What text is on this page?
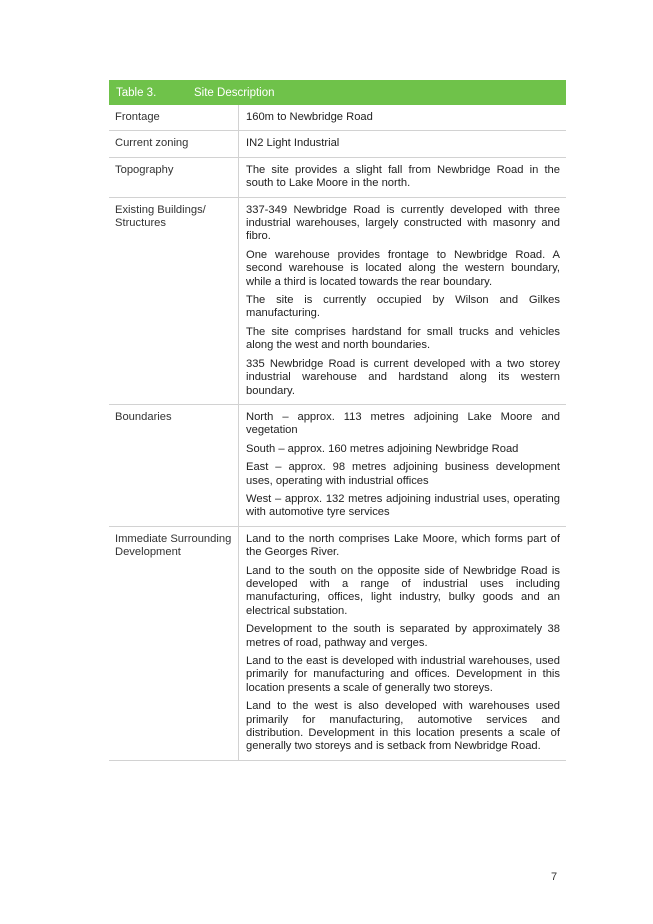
Table 3.	Site Description
Frontage	160m to Newbridge Road

Current zoning	IN2 Light Industrial

Topography	The site provides a slight fall from Newbridge Road in the south to Lake Moore in the north.

Existing Buildings/ Structures	337-349 Newbridge Road is currently developed with three industrial warehouses, largely constructed with masonry and fibro.

One warehouse provides frontage to Newbridge Road. A second warehouse is located along the western boundary, while a third is located towards the rear boundary.

The site is currently occupied by Wilson and Gilkes manufacturing.

The site comprises hardstand for small trucks and vehicles along the west and north boundaries.

335 Newbridge Road is current developed with a two storey industrial warehouse and hardstand along its western boundary.

Boundaries	North – approx. 113 metres adjoining Lake Moore and vegetation

South – approx. 160 metres adjoining Newbridge Road

East – approx. 98 metres adjoining business development uses, operating with industrial offices

West – approx. 132 metres adjoining industrial uses, operating with automotive tyre services

Immediate Surrounding Development	Land to the north comprises Lake Moore, which forms part of the Georges River.

Land to the south on the opposite side of Newbridge Road is developed with a range of industrial uses including manufacturing, offices, light industry, bulky goods and an electrical substation.

Development to the south is separated by approximately 38 metres of road, pathway and verges.

Land to the east is developed with industrial warehouses, used primarily for manufacturing and offices. Development in this location presents a scale of generally two storeys.

Land to the west is also developed with warehouses used primarily for manufacturing, automotive services and distribution. Development in this location presents a scale of generally two storeys and is setback from Newbridge Road.

7
